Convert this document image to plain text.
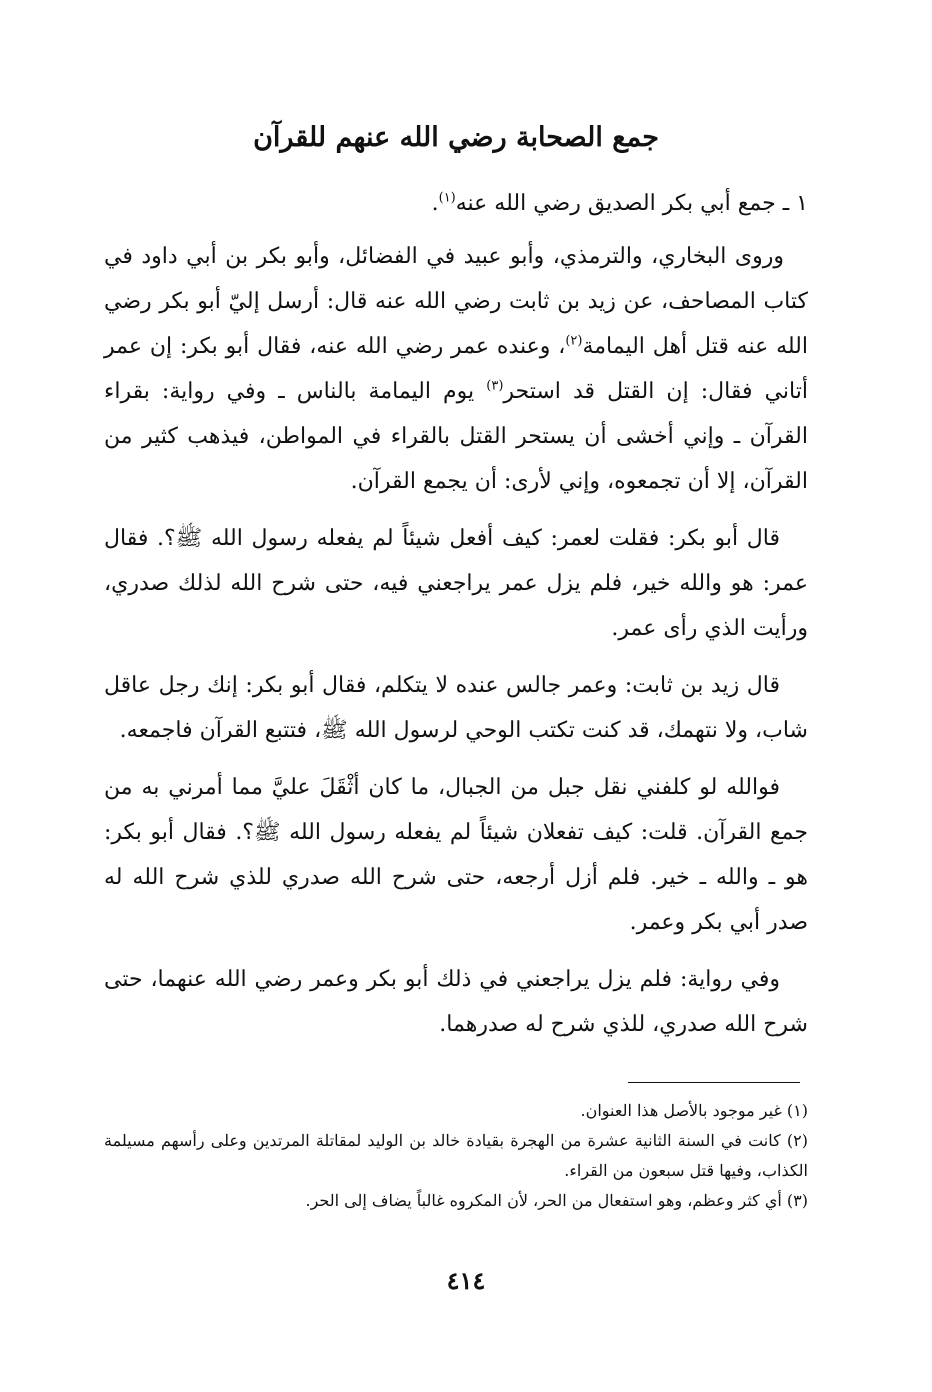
جمع الصحابة رضي الله عنهم للقرآن
١ ـ جمع أبي بكر الصديق رضي الله عنه$^{(١)}$.

وروى البخاري، والترمذي، وأبو عبيد في الفضائل، وأبو بكر بن أبي داود في كتاب المصاحف، عن زيد بن ثابت رضي الله عنه قال: أرسل إليّ أبو بكر رضي الله عنه قتل أهل اليمامة$^{(٢)}$، وعنده عمر رضي الله عنه، فقال أبو بكر: إن عمر أتاني فقال: إن القتل قد استحر$^{(٣)}$ يوم اليمامة بالناس ـ وفي رواية: بقراء القرآن ـ وإني أخشى أن يستحر القتل بالقراء في المواطن، فيذهب كثير من القرآن، إلا أن تجمعوه، وإني لأرى: أن يجمع القرآن.

قال أبو بكر: فقلت لعمر: كيف أفعل شيئاً لم يفعله رسول الله ﷺ؟. فقال عمر: هو والله خير، فلم يزل عمر يراجعني فيه، حتى شرح الله لذلك صدري، ورأيت الذي رأى عمر.

قال زيد بن ثابت: وعمر جالس عنده لا يتكلم، فقال أبو بكر: إنك رجل عاقل شاب، ولا نتهمك، قد كنت تكتب الوحي لرسول الله ﷺ، فتتبع القرآن فاجمعه.

فوالله لو كلفني نقل جبل من الجبال، ما كان أثْقَلَ عليَّ مما أمرني به من جمع القرآن. قلت: كيف تفعلان شيئاً لم يفعله رسول الله ﷺ؟. فقال أبو بكر: هو ـ والله ـ خير. فلم أزل أرجعه، حتى شرح الله صدري للذي شرح الله له صدر أبي بكر وعمر.

وفي رواية: فلم يزل يراجعني في ذلك أبو بكر وعمر رضي الله عنهما، حتى شرح الله صدري، للذي شرح له صدرهما.

(١) غير موجود بالأصل هذا العنوان.

(٢) كانت في السنة الثانية عشرة من الهجرة بقيادة خالد بن الوليد لمقاتلة المرتدين وعلى رأسهم مسيلمة الكذاب، وفيها قتل سبعون من القراء.

(٣) أي كثر وعظم، وهو استفعال من الحر، لأن المكروه غالباً يضاف إلى الحر.

٤١٤
